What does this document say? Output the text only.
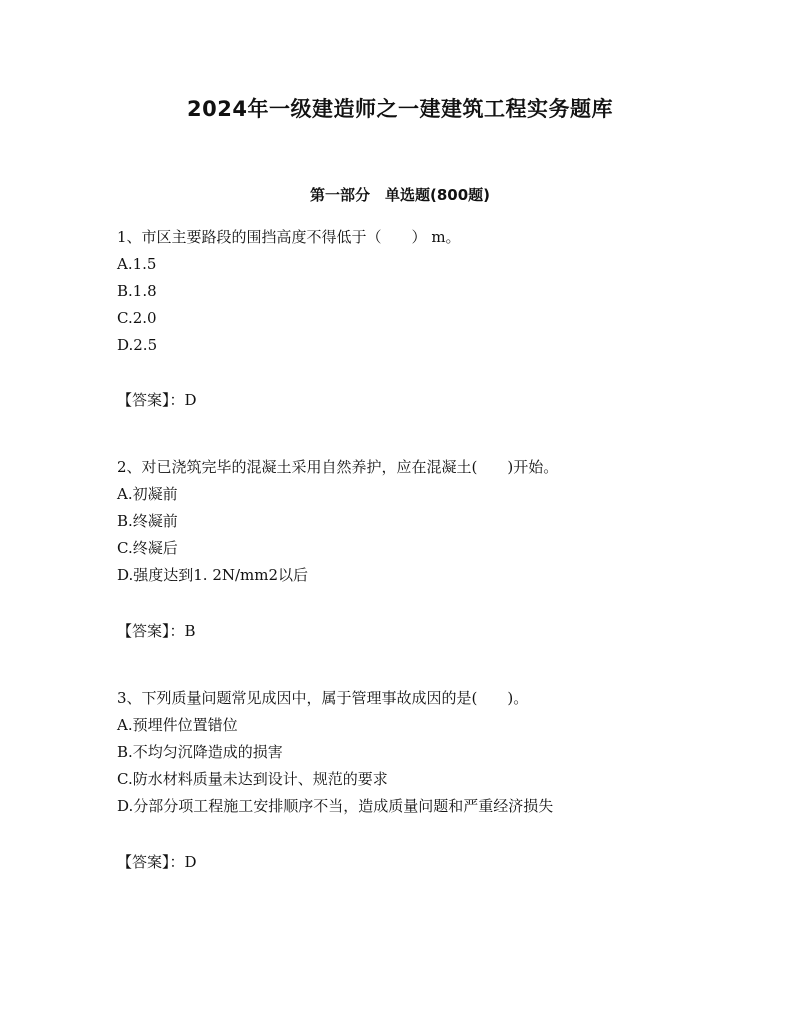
2024年一级建造师之一建建筑工程实务题库
第一部分　单选题(800题)
1、市区主要路段的围挡高度不得低于（　　） m。
A.1.5
B.1.8
C.2.0
D.2.5
【答案】：D
2、对已浇筑完毕的混凝土采用自然养护，应在混凝土(　　)开始。
A.初凝前
B.终凝前
C.终凝后
D.强度达到1. 2N/mm2以后
【答案】：B
3、下列质量问题常见成因中，属于管理事故成因的是(　　)。
A.预埋件位置错位
B.不均匀沉降造成的损害
C.防水材料质量未达到设计、规范的要求
D.分部分项工程施工安排顺序不当，造成质量问题和严重经济损失
【答案】：D
